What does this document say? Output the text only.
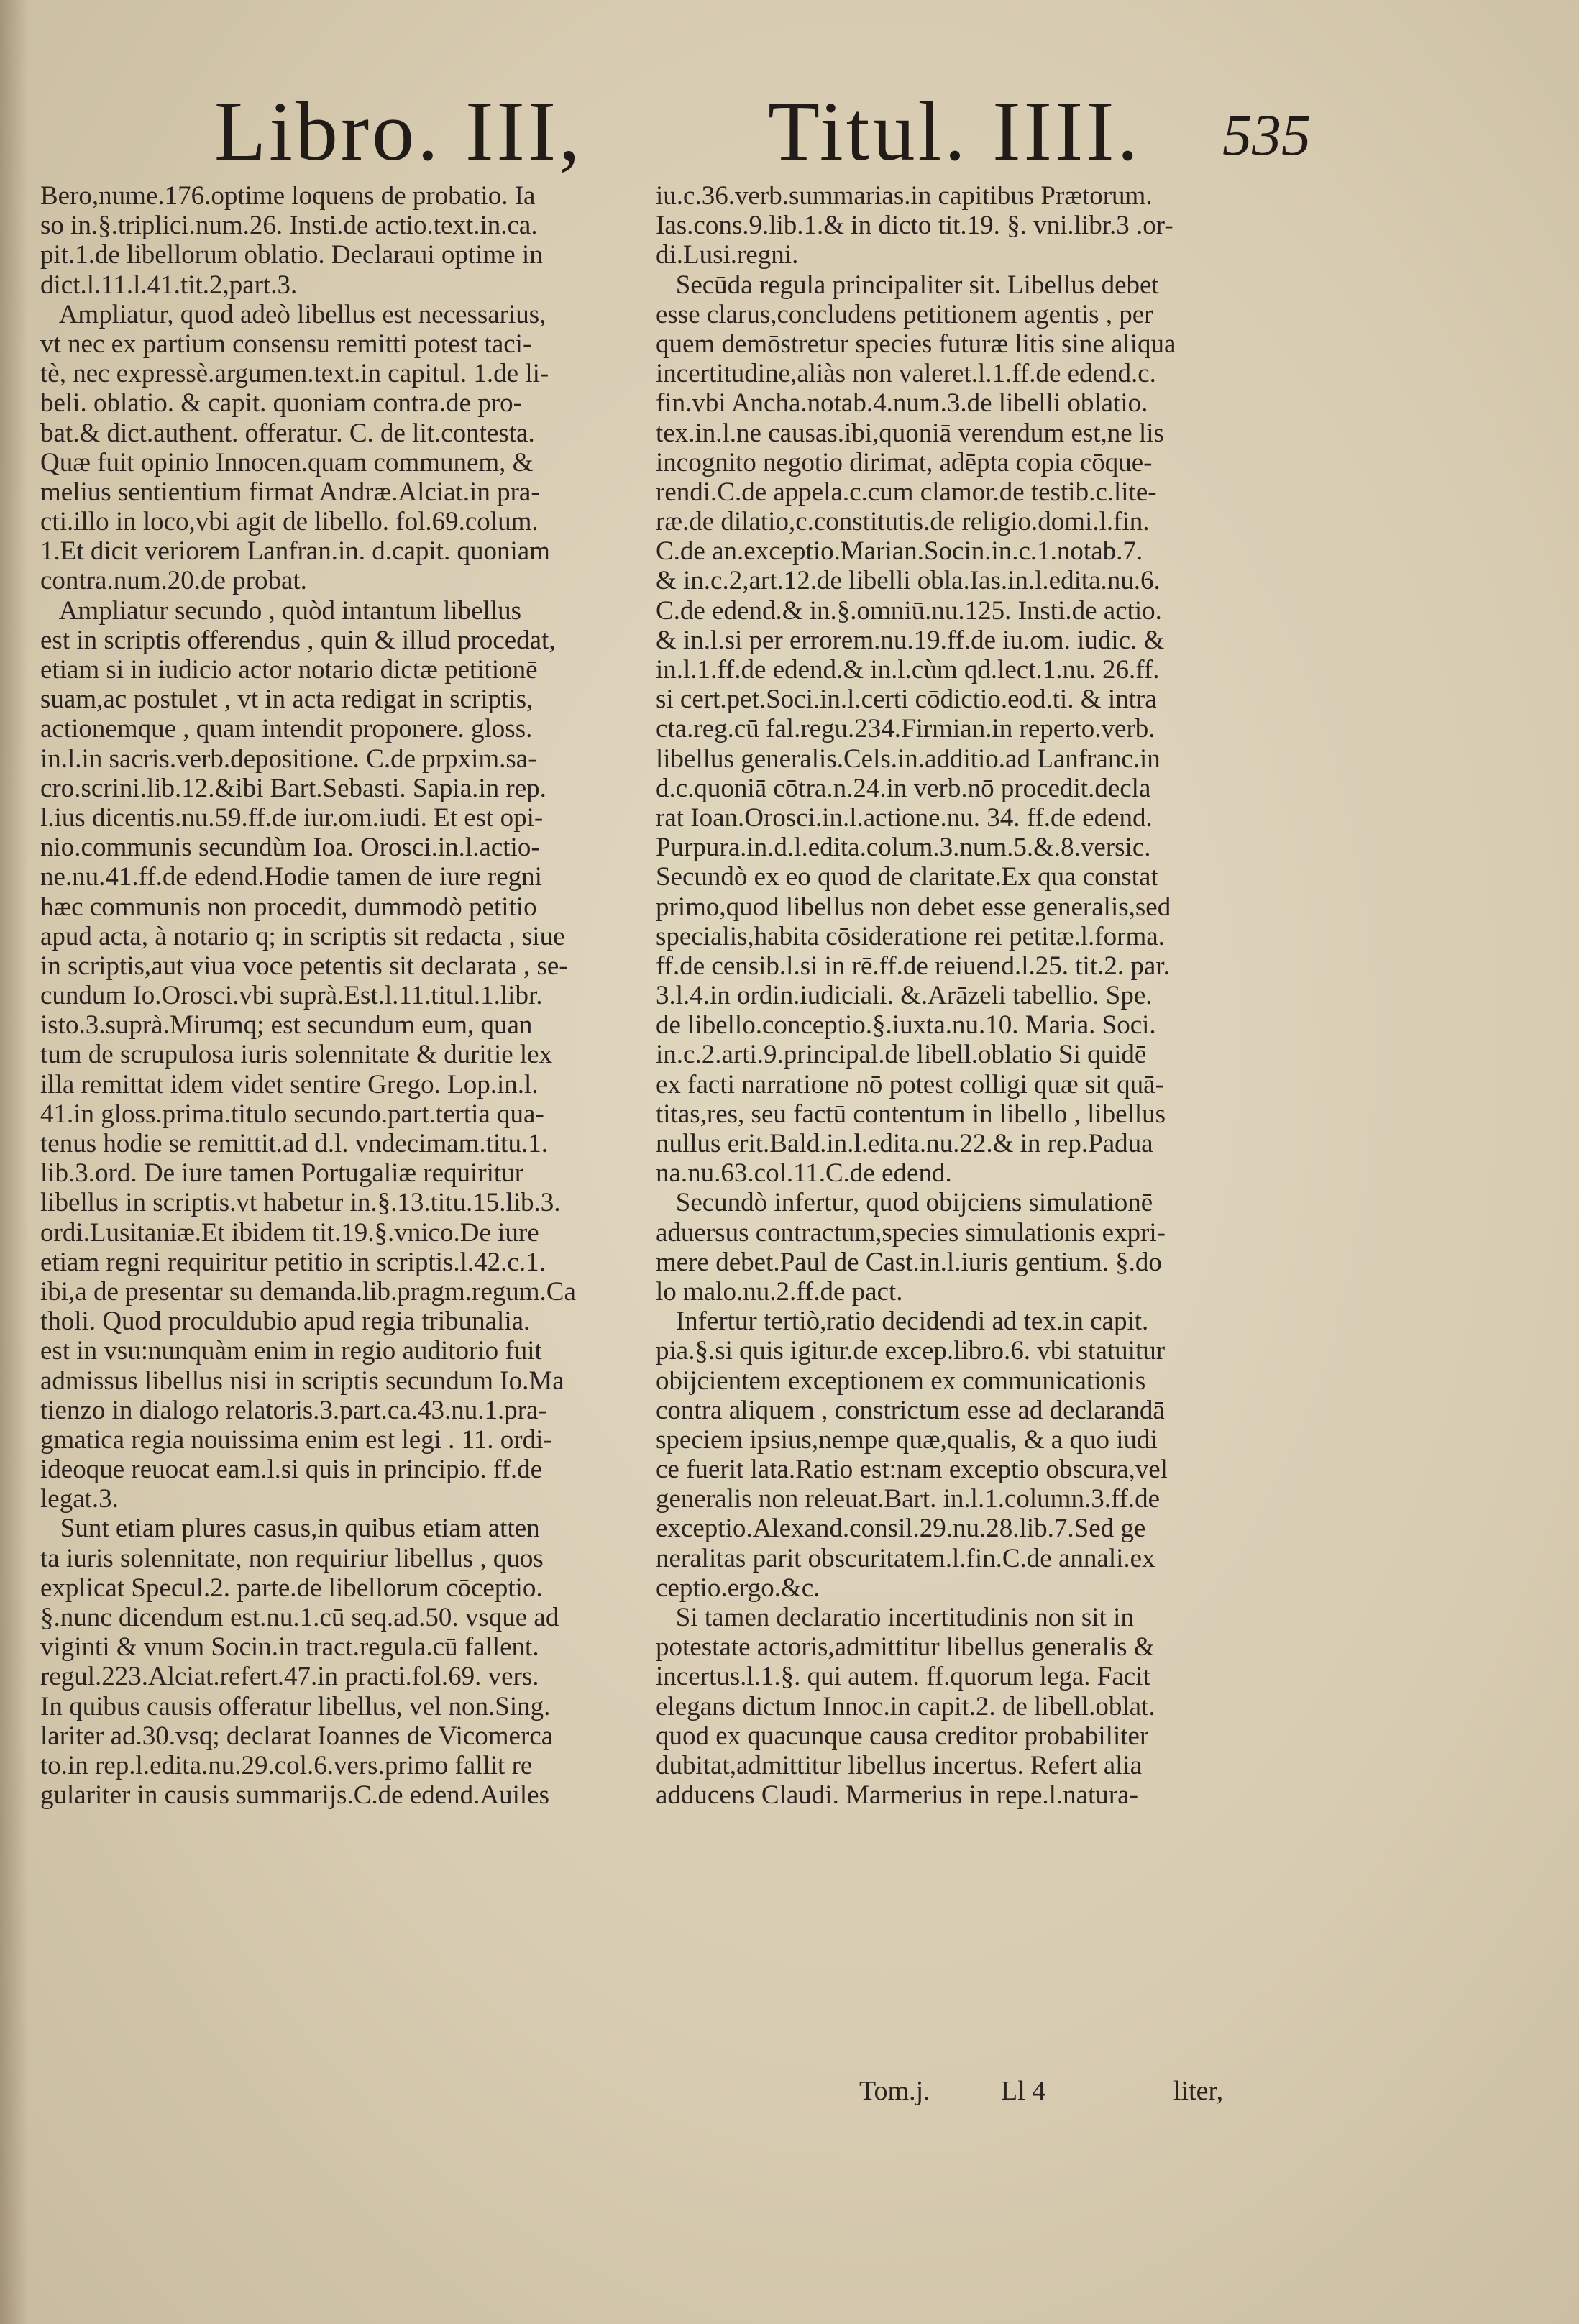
Libro. III, Titul. IIII. 535
Bero,nume.176.optime loquens de probatio. Ia
so in.§.triplici.num.26. Insti.de actio.text.in.ca.
pit.1.de libellorum oblatio. Declaraui optime in
dict.l.11.l.41.tit.2,part.3.
Ampliatur, quod adeò libellus est necessarius,
vt nec ex partium consensu remitti potest taci-
tè, nec expressè.argumen.text.in capitul. 1.de li-
beli. oblatio. & capit. quoniam contra.de pro-
bat.& dict.authent. offeratur. C. de lit.contesta.
Quæ fuit opinio Innocen.quam communem, &
melius sentientium firmat Andræ.Alciat.in pra-
cti.illo in loco,vbi agit de libello. fol.69.colum.
1.Et dicit veriorem Lanfran.in. d.capit. quoniam
contra.num.20.de probat.
Ampliatur secundo , quòd intantum libellus
est in scriptis offerendus , quin & illud procedat,
etiam si in iudicio actor notario dictæ petitionē
suam,ac postulet , vt in acta redigat in scriptis,
actionemque , quam intendit proponere. gloss.
in.l.in sacris.verb.depositione. C.de prpxim.sa-
cro.scrini.lib.12.&ibi Bart.Sebasti. Sapia.in rep.
l.ius dicentis.nu.59.ff.de iur.om.iudi. Et est opi-
nio.communis secundùm Ioa. Orosci.in.l.actio-
ne.nu.41.ff.de edend.Hodie tamen de iure regni
hæc communis non procedit, dummodò petitio
apud acta, à notario q; in scriptis sit redacta , siue
in scriptis,aut viua voce petentis sit declarata , se-
cundum Io.Orosci.vbi suprà.Est.l.11.titul.1.libr.
isto.3.suprà.Mirumq; est secundum eum, quan
tum de scrupulosa iuris solennitate & duritie lex
illa remittat idem videt sentire Grego. Lop.in.l.
41.in gloss.prima.titulo secundo.part.tertia qua-
tenus hodie se remittit.ad d.l. vndecimam.titu.1.
lib.3.ord. De iure tamen Portugaliæ requiritur
libellus in scriptis.vt habetur in.§.13.titu.15.lib.3.
ordi.Lusitaniæ.Et ibidem tit.19.§.vnico.De iure
etiam regni requiritur petitio in scriptis.l.42.c.1.
ibi,a de presentar su demanda.lib.pragm.regum.Ca
tholi. Quod proculdubio apud regia tribunalia.
est in vsu:nunquàm enim in regio auditorio fuit
admissus libellus nisi in scriptis secundum Io.Ma
tienzo in dialogo relatoris.3.part.ca.43.nu.1.pra-
gmatica regia nouissima enim est legi . 11. ordi-
ideoque reuocat eam.l.si quis in principio. ff.de
legat.3.
Sunt etiam plures casus,in quibus etiam atten
ta iuris solennitate, non requiriur libellus , quos
explicat Specul.2. parte.de libellorum cōceptio.
§.nunc dicendum est.nu.1.cū seq.ad.50. vsque ad
viginti & vnum Socin.in tract.regula.cū fallent.
regul.223.Alciat.refert.47.in practi.fol.69. vers.
In quibus causis offeratur libellus, vel non.Sing.
lariter ad.30.vsq; declarat Ioannes de Vicomerca
to.in rep.l.edita.nu.29.col.6.vers.primo fallit re
gulariter in causis summarijs.C.de edend.Auiles
iu.c.36.verb.summarias.in capitibus Prætorum.
Ias.cons.9.lib.1.& in dicto tit.19. §. vni.libr.3 .or-
di.Lusi.regni.
Secūda regula principaliter sit. Libellus debet
esse clarus,concludens petitionem agentis , per
quem demōstretur species futuræ litis sine aliqua
incertitudine,aliàs non valeret.l.1.ff.de edend.c.
fin.vbi Ancha.notab.4.num.3.de libelli oblatio.
tex.in.l.ne causas.ibi,quoniā verendum est,ne lis
incognito negotio dirimat, adēpta copia cōque-
rendi.C.de appela.c.cum clamor.de testib.c.lite-
ræ.de dilatio,c.constitutis.de religio.domi.l.fin.
C.de an.exceptio.Marian.Socin.in.c.1.notab.7.
& in.c.2,art.12.de libelli obla.Ias.in.l.edita.nu.6.
C.de edend.& in.§.omniū.nu.125. Insti.de actio.
& in.l.si per errorem.nu.19.ff.de iu.om. iudic. &
in.l.1.ff.de edend.& in.l.cùm qd.lect.1.nu. 26.ff.
si cert.pet.Soci.in.l.certi cōdictio.eod.ti. & intra
cta.reg.cū fal.regu.234.Firmian.in reperto.verb.
libellus generalis.Cels.in.additio.ad Lanfranc.in
d.c.quoniā cōtra.n.24.in verb.nō procedit.decla
rat Ioan.Orosci.in.l.actione.nu. 34. ff.de edend.
Purpura.in.d.l.edita.colum.3.num.5.&.8.versic.
Secundò ex eo quod de claritate.Ex qua constat
primo,quod libellus non debet esse generalis,sed
specialis,habita cōsideratione rei petitæ.l.forma.
ff.de censib.l.si in rē.ff.de reiuend.l.25. tit.2. par.
3.l.4.in ordin.iudiciali. &.Arāzeli tabellio. Spe.
de libello.conceptio.§.iuxta.nu.10. Maria. Soci.
in.c.2.arti.9.principal.de libell.oblatio Si quidē
ex facti narratione nō potest colligi quæ sit quā-
titas,res, seu factū contentum in libello , libellus
nullus erit.Bald.in.l.edita.nu.22.& in rep.Padua
na.nu.63.col.11.C.de edend.
Secundò infertur, quod obijciens simulationē
aduersus contractum,species simulationis expri-
mere debet.Paul de Cast.in.l.iuris gentium. §.do
lo malo.nu.2.ff.de pact.
Infertur tertiò,ratio decidendi ad tex.in capit.
pia.§.si quis igitur.de excep.libro.6. vbi statuitur
obijcientem exceptionem ex communicationis
contra aliquem , constrictum esse ad declarandā
speciem ipsius,nempe quæ,qualis, & a quo iudi
ce fuerit lata.Ratio est:nam exceptio obscura,vel
generalis non releuat.Bart. in.l.1.column.3.ff.de
exceptio.Alexand.consil.29.nu.28.lib.7.Sed ge
neralitas parit obscuritatem.l.fin.C.de annali.ex
ceptio.ergo.&c.
Si tamen declaratio incertitudinis non sit in
potestate actoris,admittitur libellus generalis &
incertus.l.1.§. qui autem. ff.quorum lega. Facit
elegans dictum Innoc.in capit.2. de libell.oblat.
quod ex quacunque causa creditor probabiliter
dubitat,admittitur libellus incertus. Refert alia
adducens Claudi. Marmerius in repe.l.natura-
Tom.j.	Ll 4	liter,
